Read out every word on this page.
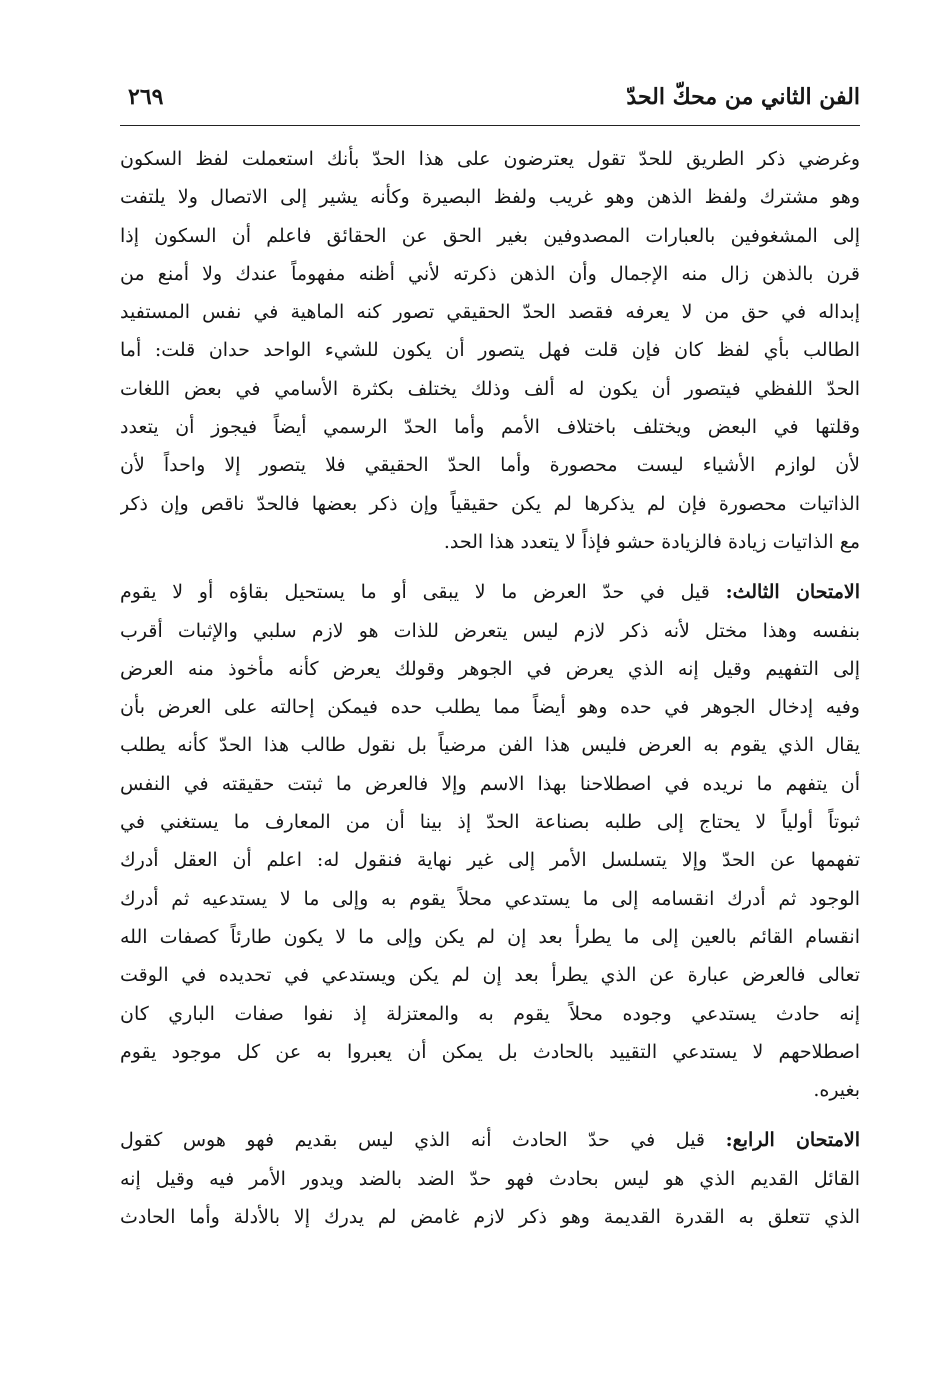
الفن الثاني من محكّ الحدّ
٢٦٩
وغرضي ذكر الطريق للحدّ تقول يعترضون على هذا الحدّ بأنك استعملت لفظ السكون
وهو مشترك ولفظ الذهن وهو غريب ولفظ البصيرة وكأنه يشير إلى الاتصال ولا يلتفت
إلى المشغوفين بالعبارات المصدوفين بغير الحق عن الحقائق فاعلم أن السكون إذا
قرن بالذهن زال منه الإجمال وأن الذهن ذكرته لأني أظنه مفهوماً عندك ولا أمنع من
إبداله في حق من لا يعرفه فقصد الحدّ الحقيقي تصور كنه الماهية في نفس المستفيد
الطالب بأي لفظ كان فإن قلت فهل يتصور أن يكون للشيء الواحد حدان قلت: أما
الحدّ اللفظي فيتصور أن يكون له ألف وذلك يختلف بكثرة الأسامي في بعض اللغات
وقلتها في البعض ويختلف باختلاف الأمم وأما الحدّ الرسمي أيضاً فيجوز أن يتعدد
لأن لوازم الأشياء ليست محصورة وأما الحدّ الحقيقي فلا يتصور إلا واحداً لأن
الذاتيات محصورة فإن لم يذكرها لم يكن حقيقياً وإن ذكر بعضها فالحدّ ناقص وإن ذكر
مع الذاتيات زيادة فالزيادة حشو فإذاً لا يتعدد هذا الحد.
الامتحان الثالث: قيل في حدّ العرض ما لا يبقى أو ما يستحيل بقاؤه أو لا يقوم
بنفسه وهذا مختل لأنه ذكر لازم ليس يتعرض للذات هو لازم سلبي والإثبات أقرب
إلى التفهيم وقيل إنه الذي يعرض في الجوهر وقولك يعرض كأنه مأخوذ منه العرض
وفيه إدخال الجوهر في حده وهو أيضاً مما يطلب حده فيمكن إحالته على العرض بأن
يقال الذي يقوم به العرض فليس هذا الفن مرضياً بل نقول طالب هذا الحدّ كأنه يطلب
أن يتفهم ما نريده في اصطلاحنا بهذا الاسم وإلا فالعرض ما ثبتت حقيقته في النفس
ثبوتاً أولياً لا يحتاج إلى طلبه بصناعة الحدّ إذ بينا أن من المعارف ما يستغني في
تفهمها عن الحدّ وإلا يتسلسل الأمر إلى غير نهاية فنقول له: اعلم أن العقل أدرك
الوجود ثم أدرك انقسامه إلى ما يستدعي محلاً يقوم به وإلى ما لا يستدعيه ثم أدرك
انقسام القائم بالعين إلى ما يطرأ بعد إن لم يكن وإلى ما لا يكون طارئاً كصفات الله
تعالى فالعرض عبارة عن الذي يطرأ بعد إن لم يكن ويستدعي في تحديده في الوقت
إنه حادث يستدعي وجوده محلاً يقوم به والمعتزلة إذ نفوا صفات الباري كان
اصطلاحهم لا يستدعي التقييد بالحادث بل يمكن أن يعبروا به عن كل موجود يقوم
بغيره.
الامتحان الرابع: قيل في حدّ الحادث أنه الذي ليس بقديم فهو هوس كقول
القائل القديم الذي هو ليس بحادث فهو حدّ الضد بالضد ويدور الأمر فيه وقيل إنه
الذي تتعلق به القدرة القديمة وهو ذكر لازم غامض لم يدرك إلا بالأدلة وأما الحادث
